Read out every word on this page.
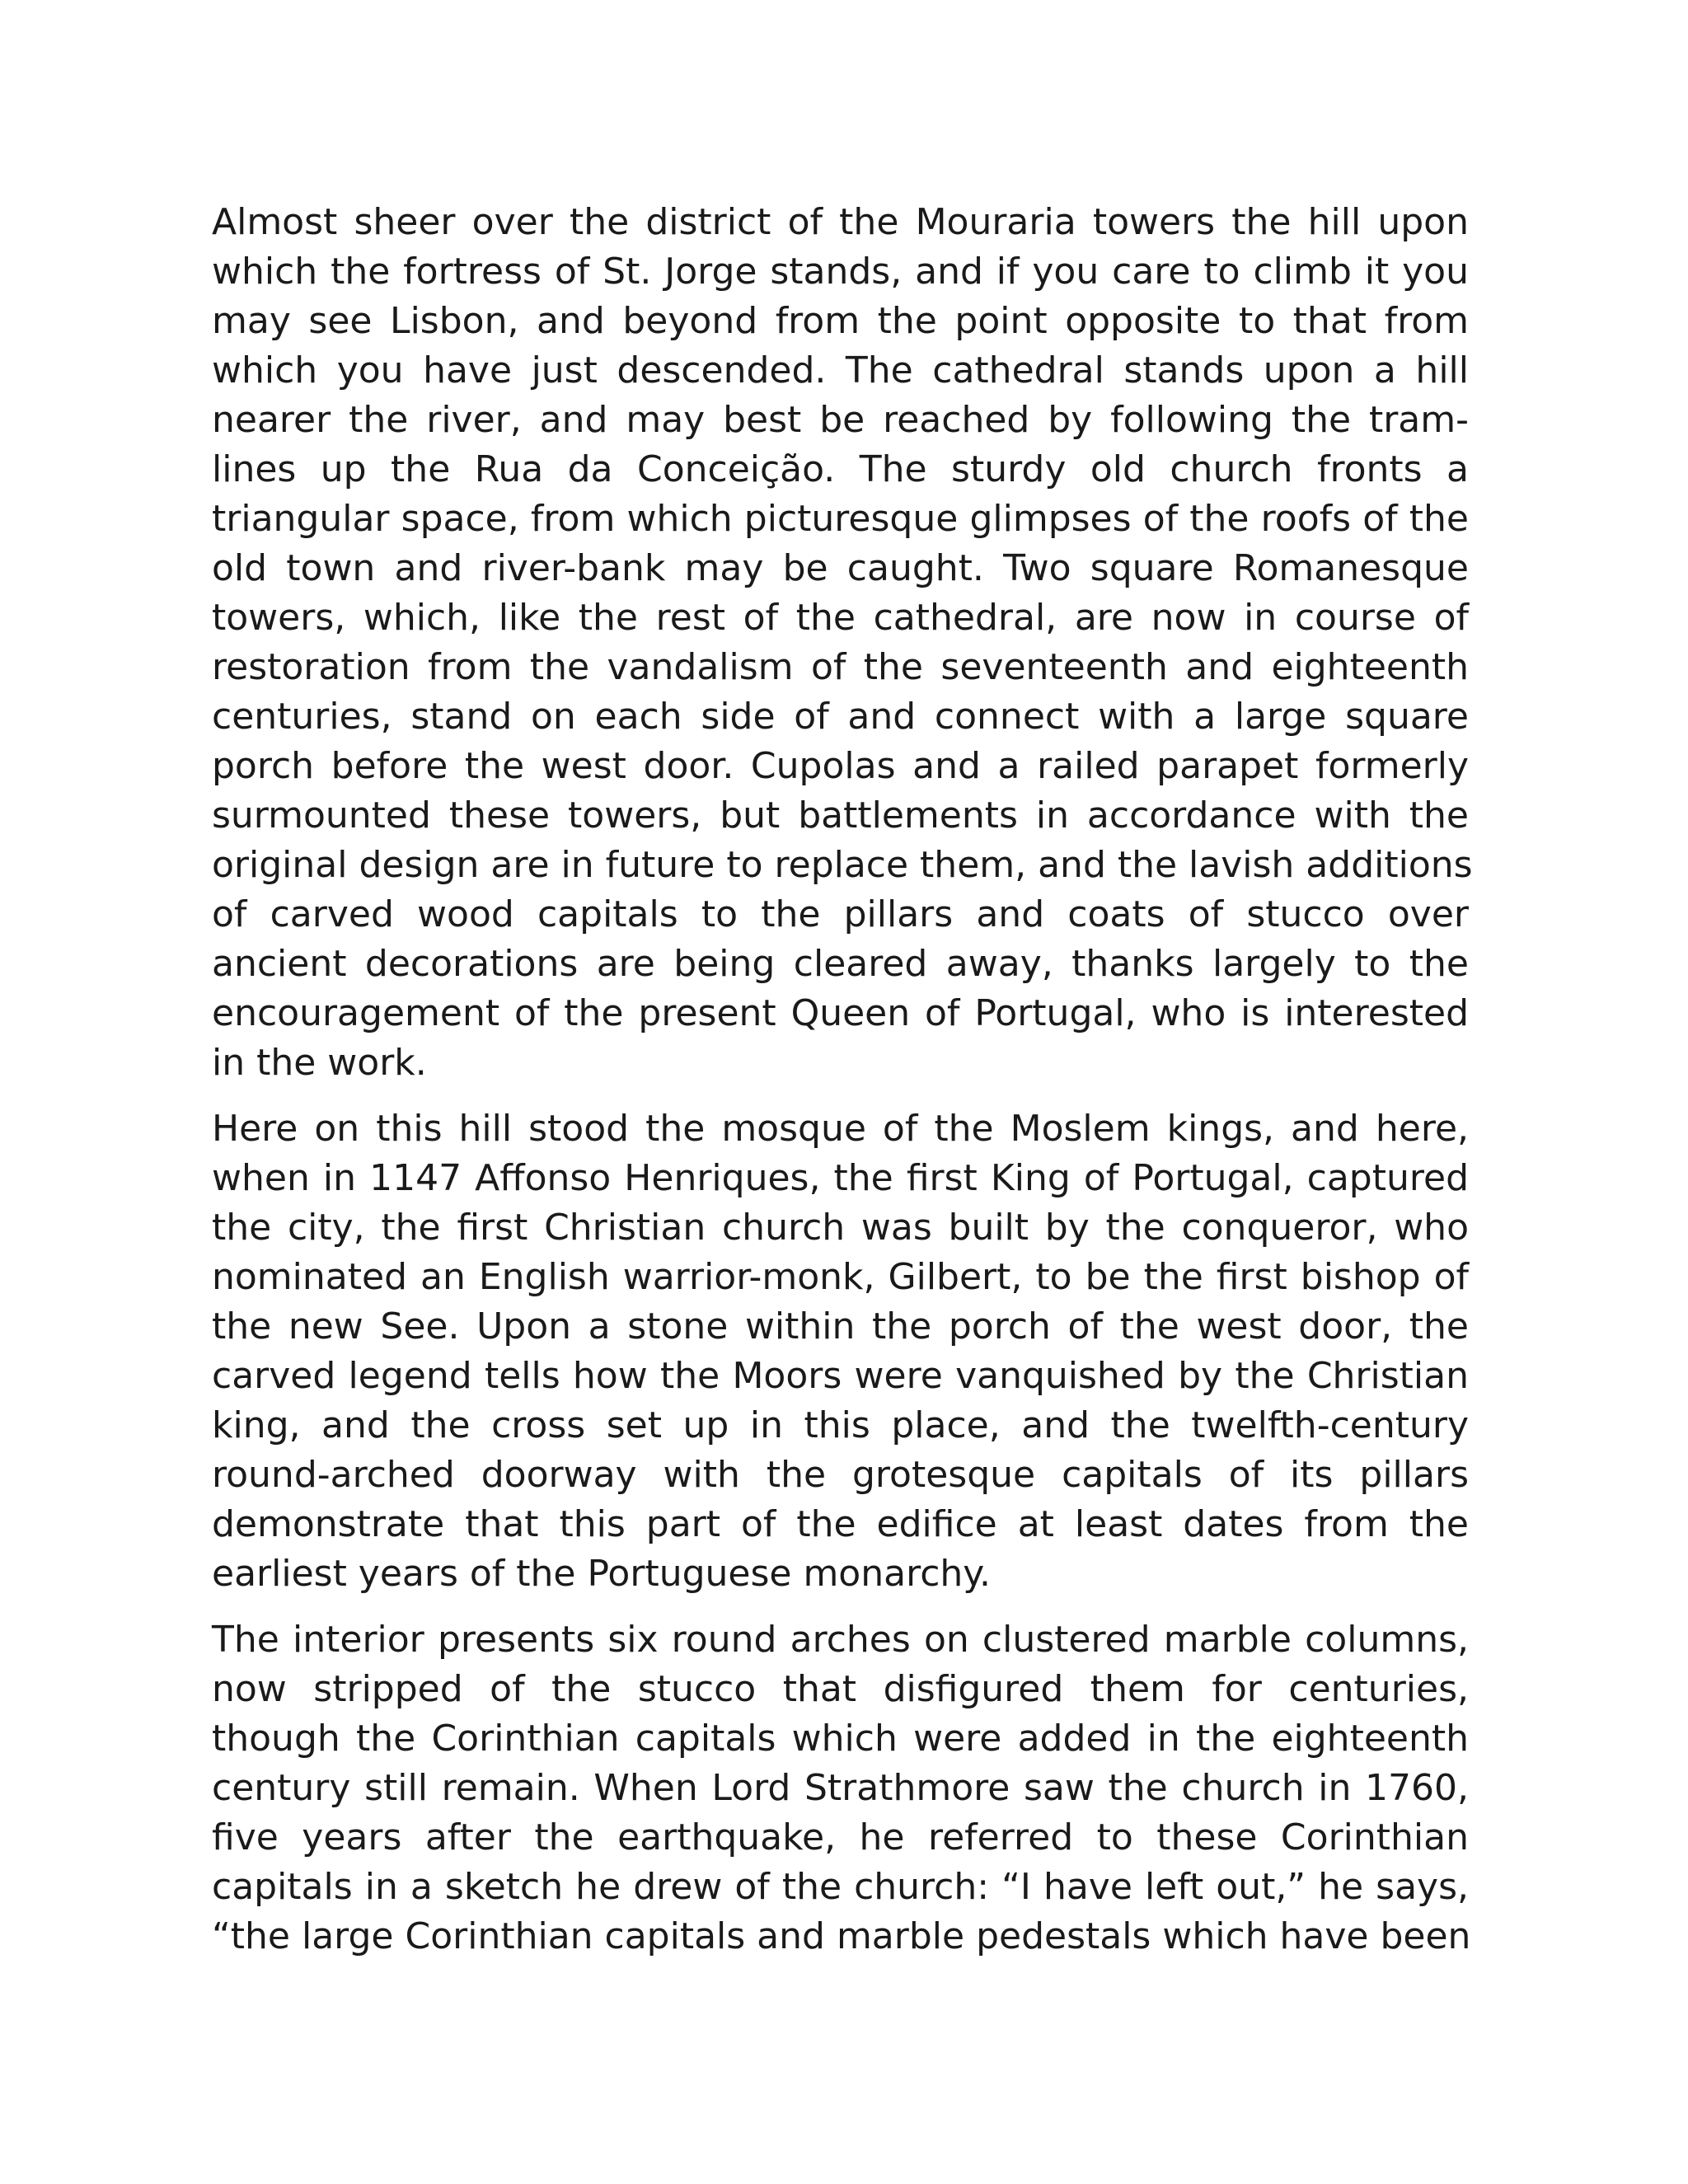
Almost sheer over the district of the Mouraria towers the hill upon
which the fortress of St. Jorge stands, and if you care to climb it you
may see Lisbon, and beyond from the point opposite to that from
which you have just descended. The cathedral stands upon a hill
nearer the river, and may best be reached by following the tram-
lines up the Rua da Conceição. The sturdy old church fronts a
triangular space, from which picturesque glimpses of the roofs of the
old town and river-bank may be caught. Two square Romanesque
towers, which, like the rest of the cathedral, are now in course of
restoration from the vandalism of the seventeenth and eighteenth
centuries, stand on each side of and connect with a large square
porch before the west door. Cupolas and a railed parapet formerly
surmounted these towers, but battlements in accordance with the
original design are in future to replace them, and the lavish additions
of carved wood capitals to the pillars and coats of stucco over
ancient decorations are being cleared away, thanks largely to the
encouragement of the present Queen of Portugal, who is interested
in the work.

Here on this hill stood the mosque of the Moslem kings, and here,
when in 1147 Affonso Henriques, the first King of Portugal, captured
the city, the first Christian church was built by the conqueror, who
nominated an English warrior-monk, Gilbert, to be the first bishop of
the new See. Upon a stone within the porch of the west door, the
carved legend tells how the Moors were vanquished by the Christian
king, and the cross set up in this place, and the twelfth-century
round-arched doorway with the grotesque capitals of its pillars
demonstrate that this part of the edifice at least dates from the
earliest years of the Portuguese monarchy.

The interior presents six round arches on clustered marble columns,
now stripped of the stucco that disfigured them for centuries,
though the Corinthian capitals which were added in the eighteenth
century still remain. When Lord Strathmore saw the church in 1760,
five years after the earthquake, he referred to these Corinthian
capitals in a sketch he drew of the church: “I have left out,” he says,
“the large Corinthian capitals and marble pedestals which have been
